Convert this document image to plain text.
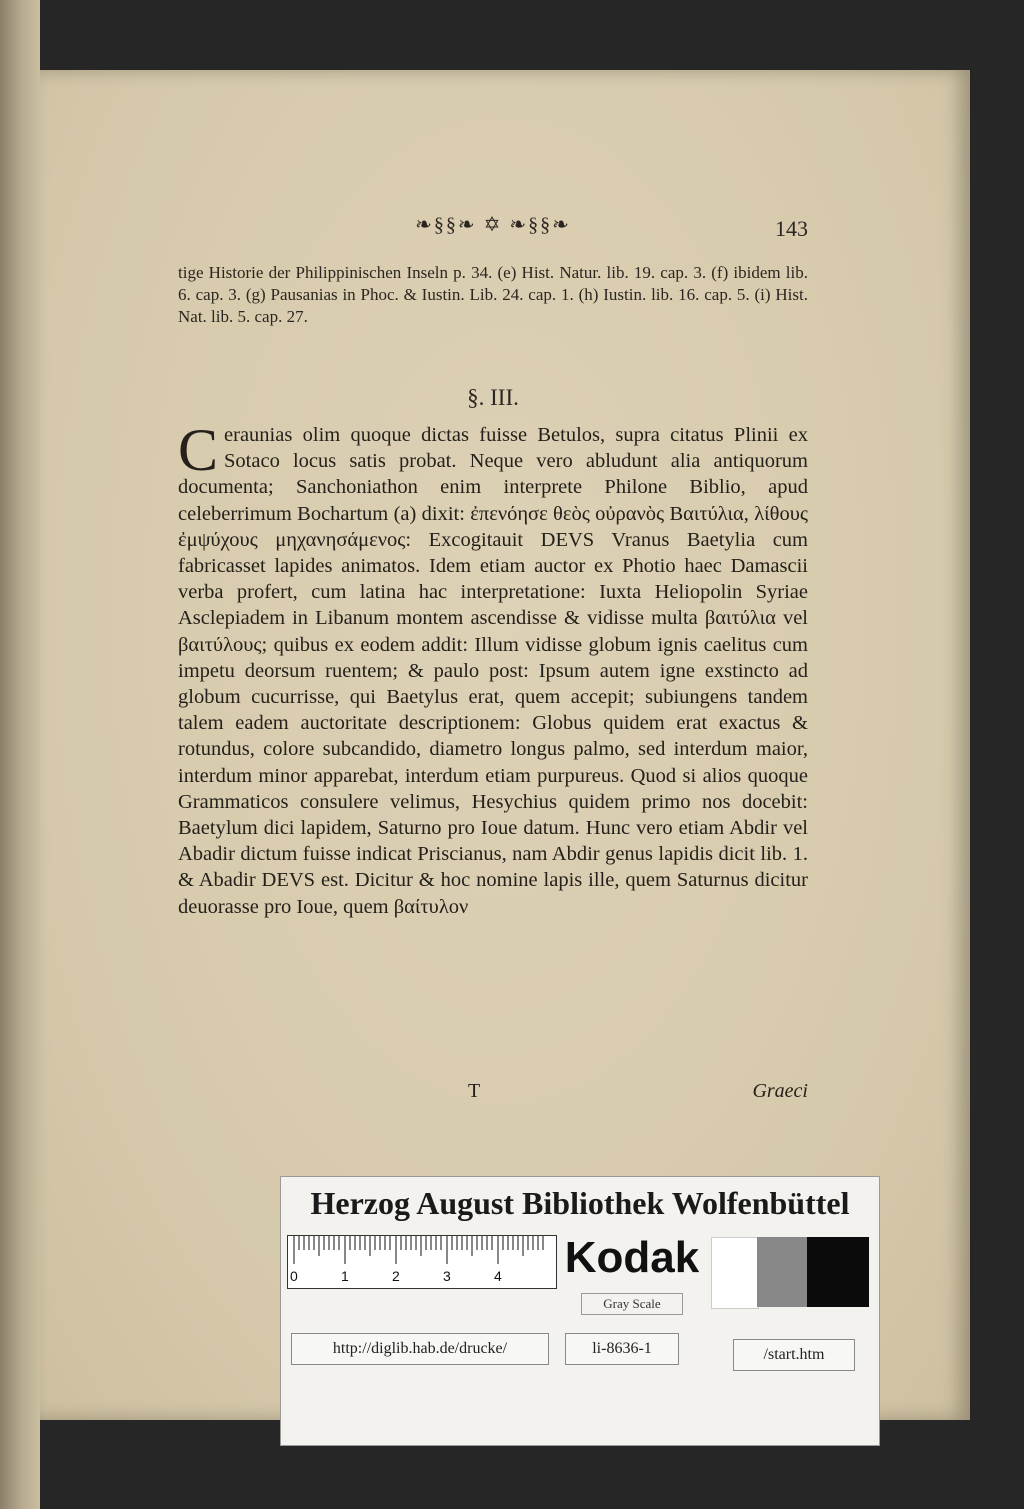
❧§§❧ ✡ ❧§§❧	143
tige Historie der Philippinischen Inseln p. 34. (e) Hist. Natur. lib. 19. cap. 3. (f) ibidem lib. 6. cap. 3. (g) Pausanias in Phoc. & Iustin. Lib. 24. cap. 1. (h) Iustin. lib. 16. cap. 5. (i) Hist. Nat. lib. 5. cap. 27.
§. III.
C eraunias olim quoque dictas fuisse Betulos, supra citatus Plinii ex Sotaco locus satis probat. Neque vero abludunt alia antiquorum documenta; Sanchoniathon enim interprete Philone Biblio, apud celeberrimum Bochartum (a) dixit: ἐπενόησε θεὸς οὐρανὸς Βαιτύλια, λίθους ἐμψύχους μηχανησάμενος: Excogitauit DEVS Vranus Baetylia cum fabricasset lapides animatos. Idem etiam auctor ex Photio haec Damascii verba profert, cum latina hac interpretatione: Iuxta Heliopolin Syriae Asclepiadem in Libanum montem ascendisse & vidisse multa βαιτύλια vel βαιτύλους; quibus ex eodem addit: Illum vidisse globum ignis caelitus cum impetu deorsum ruentem; & paulo post: Ipsum autem igne exstincto ad globum cucurrisse, qui Baetylus erat, quem accepit; subiungens tandem talem eadem auctoritate descriptionem: Globus quidem erat exactus & rotundus, colore subcandido, diametro longus palmo, sed interdum maior, interdum minor apparebat, interdum etiam purpureus. Quod si alios quoque Grammaticos consulere velimus, Hesychius quidem primo nos docebit: Baetylum dici lapidem, Saturno pro Ioue datum. Hunc vero etiam Abdir vel Abadir dictum fuisse indicat Priscianus, nam Abdir genus lapidis dicit lib. 1. & Abadir DEVS est. Dicitur & hoc nomine lapis ille, quem Saturnus dicitur deuorasse pro Ioue, quem βαίτυλον
T	Graeci
Herzog August Bibliothek Wolfenbüttel
0	1	2	3	4 Kodak
Gray Scale
http://diglib.hab.de/drucke/	li-8636-1	/start.htm
